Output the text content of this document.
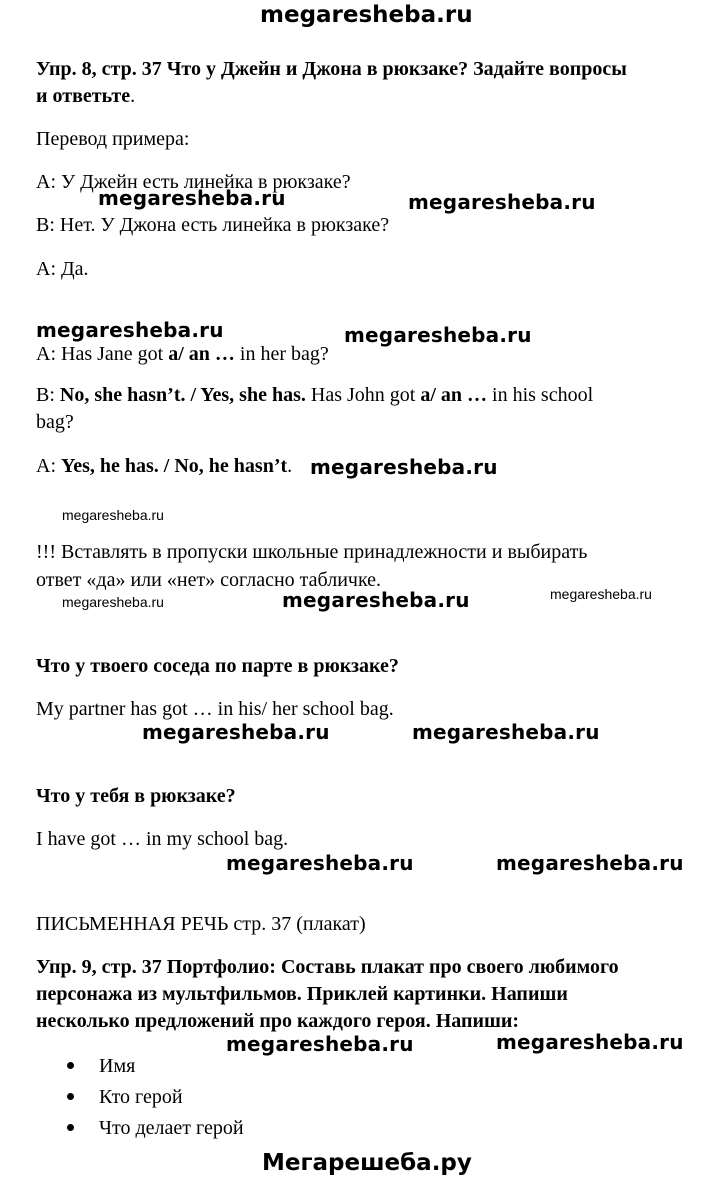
megaresheba.ru
Упр. 8, стр. 37 Что у Джейн и Джона в рюкзаке? Задайте вопросы
и ответьте.
Перевод примера:
А: У Джейн есть линейка в рюкзаке?
megaresheba.ru	megaresheba.ru
В: Нет. У Джона есть линейка в рюкзаке?
А: Да.
megaresheba.ru	megaresheba.ru
A: Has Jane got a/ an … in her bag?
B: No, she hasn’t. / Yes, she has. Has John got a/ an … in his school
bag?
A: Yes, he has. / No, he hasn’t. megaresheba.ru
megaresheba.ru
!!! Вставлять в пропуски школьные принадлежности и выбирать
ответ «да» или «нет» согласно табличке.
megaresheba.ru	megaresheba.ru	megaresheba.ru
Что у твоего соседа по парте в рюкзаке?
My partner has got … in his/ her school bag.
megaresheba.ru	megaresheba.ru
Что у тебя в рюкзаке?
I have got … in my school bag.
megaresheba.ru	megaresheba.ru
ПИСЬМЕННАЯ РЕЧЬ стр. 37 (плакат)
Упр. 9, стр. 37 Портфолио: Составь плакат про своего любимого
персонажа из мультфильмов. Приклей картинки. Напиши
несколько предложений про каждого героя. Напиши:
megaresheba.ru	megaresheba.ru
Имя
Кто герой
Что делает герой
Мегарешеба.ру
